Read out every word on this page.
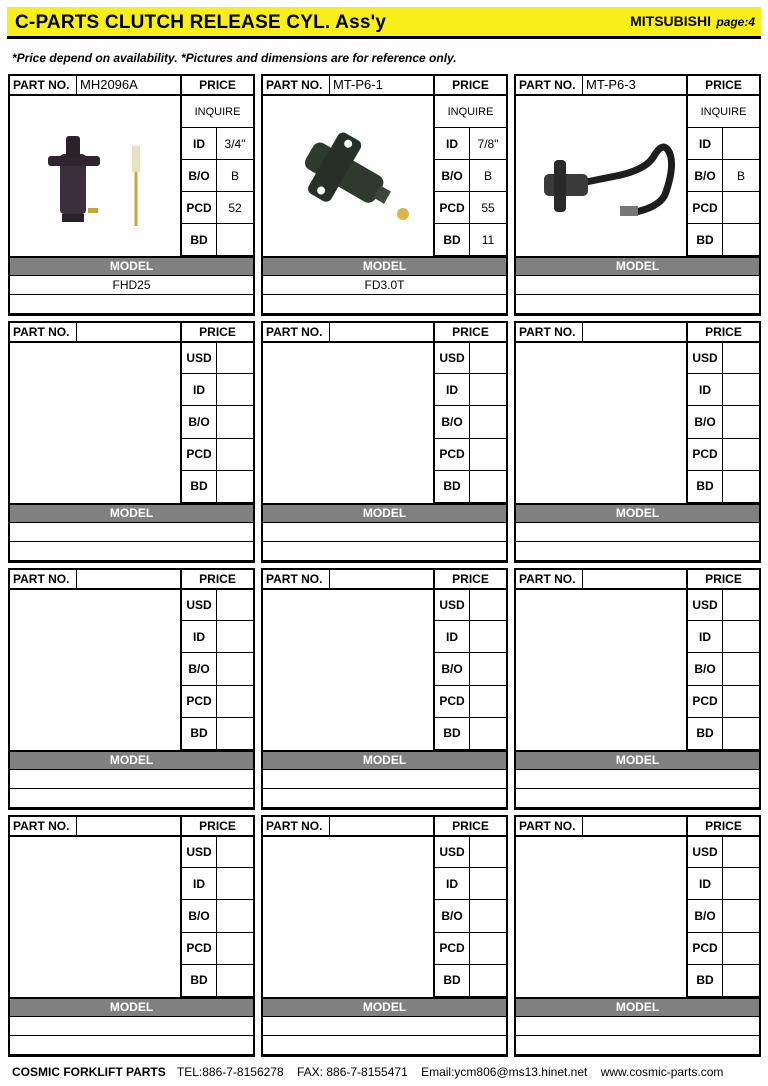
C-PARTS CLUTCH RELEASE CYL. Ass'y	MITSUBISHI page:4
*Price depend on availability. *Pictures and dimensions are for reference only.
PART NO. MH2096A	PRICE
INQUIRE
ID	3/4"
B/O	B
PCD	52
BD
MODEL
FHD25
PART NO. MT-P6-1	PRICE
INQUIRE
ID	7/8"
B/O	B
PCD	55
BD	11
MODEL
FD3.0T
PART NO. MT-P6-3	PRICE
INQUIRE
ID
B/O	B
PCD
BD
MODEL
PART NO.	PRICE
USD
ID
B/O
PCD
BD
MODEL
PART NO.	PRICE
USD
ID
B/O
PCD
BD
MODEL
PART NO.	PRICE
USD
ID
B/O
PCD
BD
MODEL
PART NO.	PRICE
USD
ID
B/O
PCD
BD
MODEL
PART NO.	PRICE
USD
ID
B/O
PCD
BD
MODEL
PART NO.	PRICE
USD
ID
B/O
PCD
BD
MODEL
PART NO.	PRICE
USD
ID
B/O
PCD
BD
MODEL
PART NO.	PRICE
USD
ID
B/O
PCD
BD
MODEL
PART NO.	PRICE
USD
ID
B/O
PCD
BD
MODEL
COSMIC FORKLIFT PARTS TEL:886-7-8156278 FAX: 886-7-8155471 Email:ycm806@ms13.hinet.net www.cosmic-parts.com
